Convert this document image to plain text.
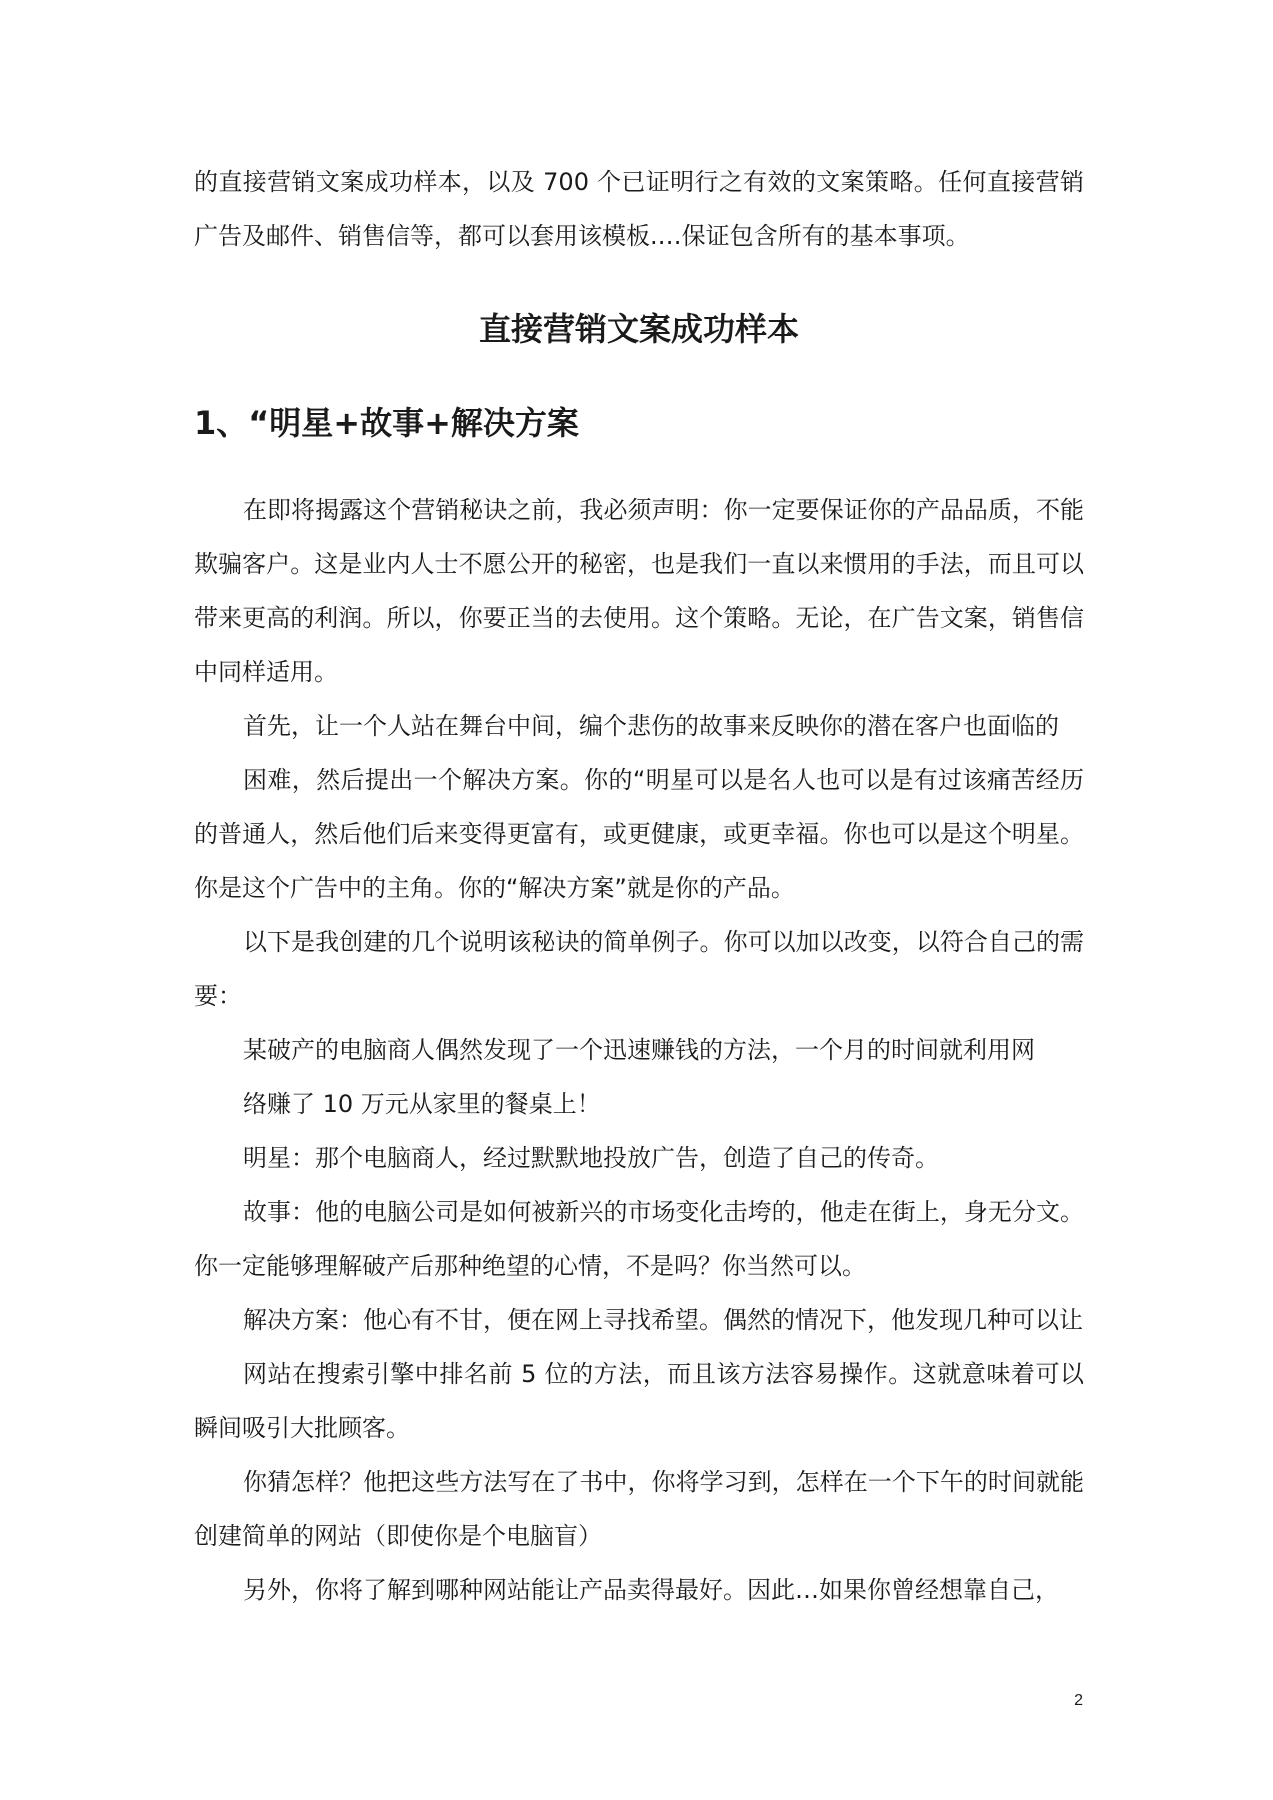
的直接营销文案成功样本，以及 700 个已证明行之有效的文案策略。任何直接营销广告及邮件、销售信等，都可以套用该模板.…保证包含所有的基本事项。

直接营销文案成功样本
1、“明星+故事+解决方案

在即将揭露这个营销秘诀之前，我必须声明：你一定要保证你的产品品质，不能欺骗客户。这是业内人士不愿公开的秘密，也是我们一直以来惯用的手法，而且可以带来更高的利润。所以，你要正当的去使用。这个策略。无论，在广告文案，销售信中同样适用。

首先，让一个人站在舞台中间，编个悲伤的故事来反映你的潜在客户也面临的

困难，然后提出一个解决方案。你的“明星可以是名人也可以是有过该痛苦经历的普通人，然后他们后来变得更富有，或更健康，或更幸福。你也可以是这个明星。你是这个广告中的主角。你的“解决方案”就是你的产品。

以下是我创建的几个说明该秘诀的简单例子。你可以加以改变，以符合自己的需要：

某破产的电脑商人偶然发现了一个迅速赚钱的方法，一个月的时间就利用网

络赚了 10 万元从家里的餐桌上！

明星：那个电脑商人，经过默默地投放广告，创造了自己的传奇。

故事：他的电脑公司是如何被新兴的市场变化击垮的，他走在街上，身无分文。你一定能够理解破产后那种绝望的心情，不是吗？你当然可以。

解决方案：他心有不甘，便在网上寻找希望。偶然的情况下，他发现几种可以让

网站在搜索引擎中排名前 5 位的方法，而且该方法容易操作。这就意味着可以瞬间吸引大批顾客。

你猜怎样？他把这些方法写在了书中，你将学习到，怎样在一个下午的时间就能创建简单的网站（即使你是个电脑盲）

另外，你将了解到哪种网站能让产品卖得最好。因此…如果你曾经想靠自己，

2
